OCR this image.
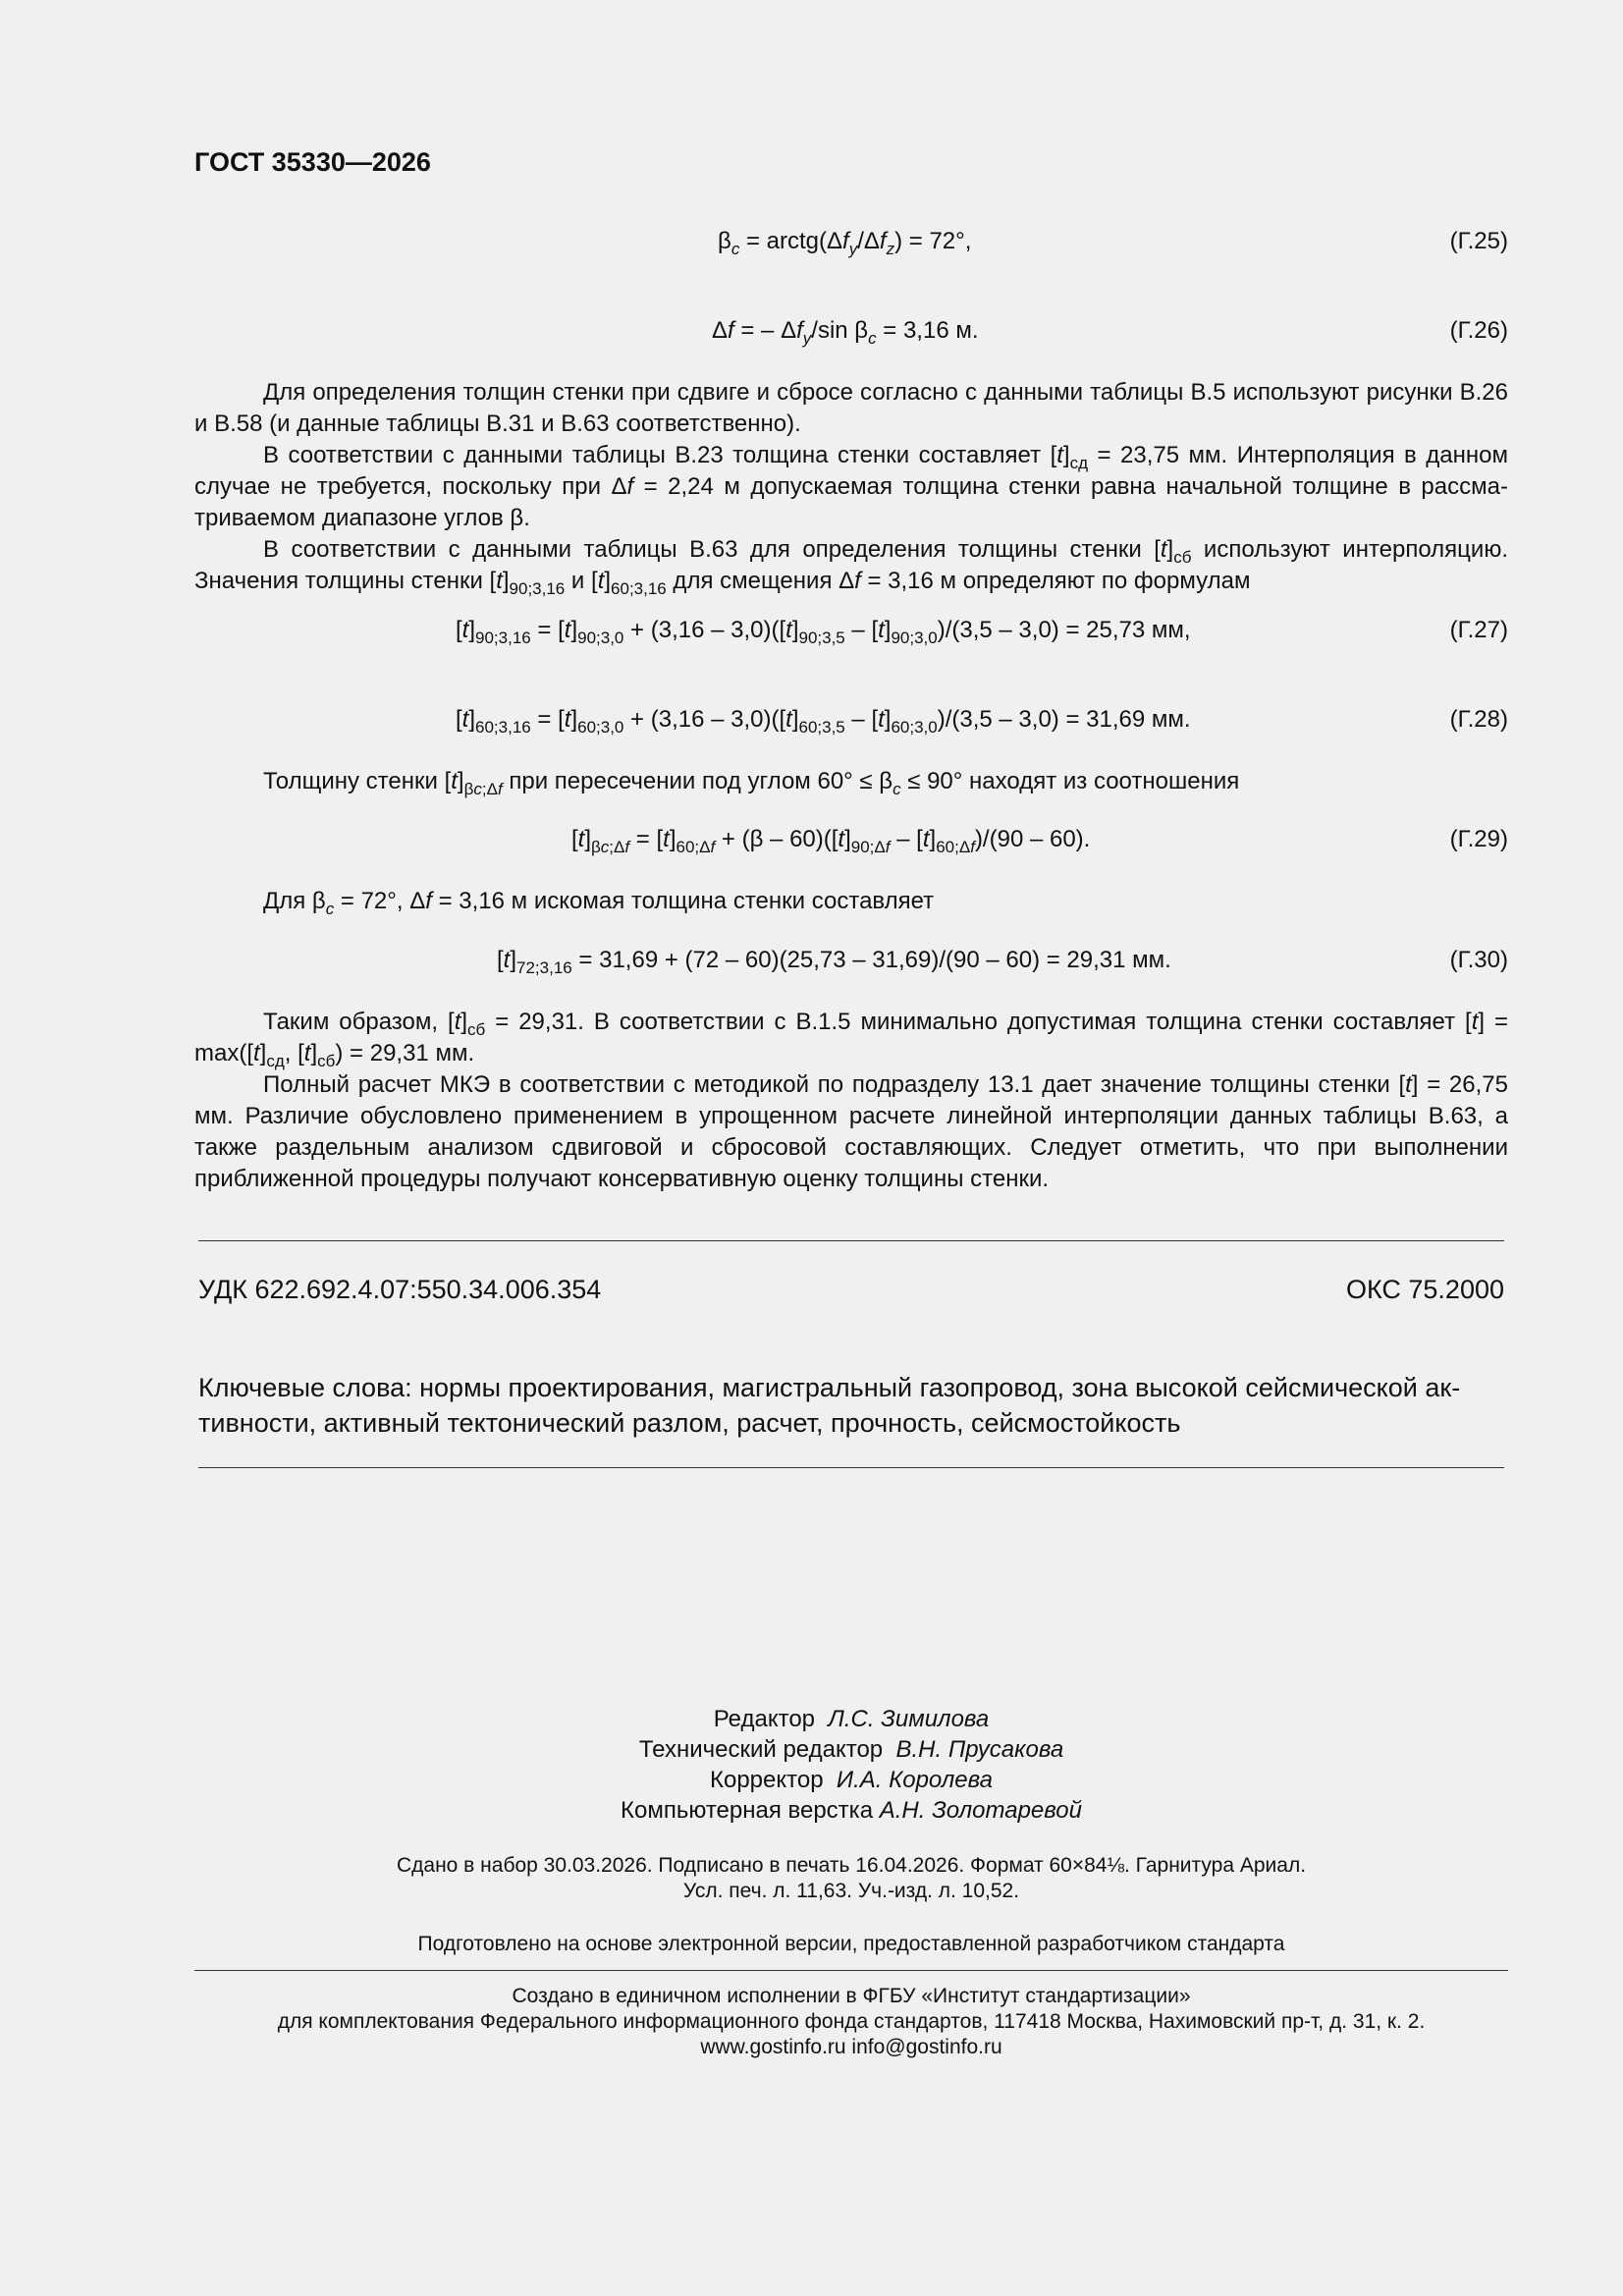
ГОСТ 35330—2026
$\beta_c$ = $arctg(\Delta f_y/\Delta f_z) = 72^\circ$,	(Г.25)
Δf = – $\Delta f_y/\sin$ $\beta_c = 3,16$ м.	(Г.26)

Для определения толщин стенки при сдвиге и сбросе согласно с данными таблицы В.5 используют рисунки В.26 и В.58 (и данные таблицы В.31 и В.63 соответственно).

В соответствии с данными таблицы В.23 толщина стенки составляет $[t]_{сд} = 23,75$ мм. Интерполяция в данном случае не требуется, поскольку при Δf = 2,24 м допускаемая толщина стенки равна начальной толщине в рассматриваемом диапазоне углов β.

В соответствии с данными таблицы В.63 для определения толщины стенки $[t]_{сб}$ используют интерполяцию. Значения толщины стенки $[t]_{90;3,16}$ и $[t]_{60;3,16}$ для смещения Δf = 3,16 м определяют по формулам

$[t]_{90;3,16} = [t]_{90;3,0} + (3,16 - 3,0)([t]_{90;3,5} - [t]_{90;3,0})/(3,5 - 3,0) = 25,73$ мм,	(Г.27)
$[t]_{60;3,16} = [t]_{60;3,0} + (3,16 - 3,0)([t]_{60;3,5} - [t]_{60;3,0})/(3,5 - 3,0) = 31,69$ мм.	(Г.28)

Толщину стенки $[t]_{\beta c;\Delta f}$ при пересечении под углом $60^\circ \le \beta_c \le 90^\circ$ находят из соотношения

$[t]_{\beta c;\Delta f} = [t]_{60;\Delta f} + (\beta - 60)([t]_{90;\Delta f} - [t]_{60;\Delta f})/(90 - 60)$.	(Г.29)

Для $\beta_c = 72^\circ$, Δf = 3,16 м искомая толщина стенки составляет

$[t]_{72;3,16} = 31,69 + (72 - 60)(25,73 - 31,69)/(90 - 60) = 29,31$ мм.	(Г.30)

Таким образом, $[t]_{сб} = 29,31$. В соответствии с В.1.5 минимально допустимая толщина стенки составляет $[t] = \max([t]_{сд}$, $[t]_{сб}) = 29,31$ мм.

Полный расчет МКЭ в соответствии с методикой по подразделу 13.1 дает значение толщины стенки [t] = 26,75 мм. Различие обусловлено применением в упрощенном расчете линейной интерполяции данных таблицы В.63, а также раздельным анализом сдвиговой и сбросовой составляющих. Следует отметить, что при выполнении приближенной процедуры получают консервативную оценку толщины стенки.

УДК 622.692.4.07:550.34.006.354	ОКС 75.2000

Ключевые слова: нормы проектирования, магистральный газопровод, зона высокой сейсмической ак-

тивности, активный тектонический разлом, расчет, прочность, сейсмостойкость

Редактор Л.С. Зимилова
Технический редактор В.Н. Прусакова
Корректор И.А. Королева
Компьютерная верстка А.Н. Золотаревой
Сдано в набор 30.03.2026. Подписано в печать 16.04.2026. Формат 60×84⅛. Гарнитура Ариал.
Усл. печ. л. 11,63. Уч.-изд. л. 10,52.
Подготовлено на основе электронной версии, предоставленной разработчиком стандарта
Создано в единичном исполнении в ФГБУ «Институт стандартизации»
для комплектования Федерального информационного фонда стандартов, 117418 Москва, Нахимовский пр-т, д. 31, к. 2.
www.gostinfo.ru info@gostinfo.ru
